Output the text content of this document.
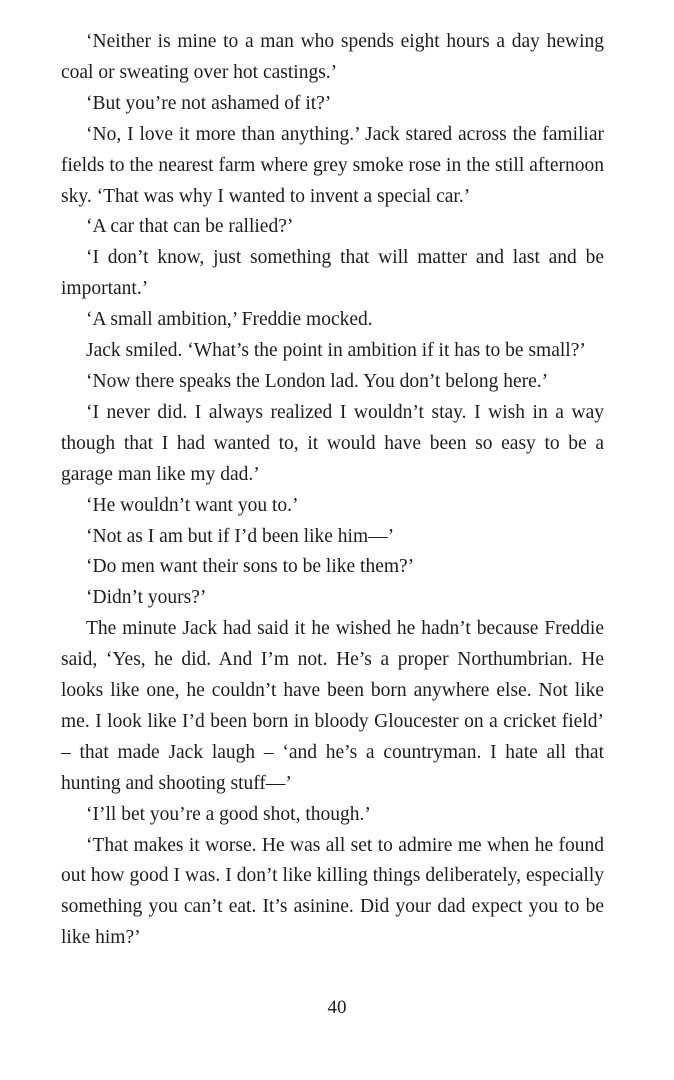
‘Neither is mine to a man who spends eight hours a day hewing coal or sweating over hot castings.’

‘But you’re not ashamed of it?’

‘No, I love it more than anything.’ Jack stared across the familiar fields to the nearest farm where grey smoke rose in the still afternoon sky. ‘That was why I wanted to invent a special car.’

‘A car that can be rallied?’

‘I don’t know, just something that will matter and last and be important.’

‘A small ambition,’ Freddie mocked.

Jack smiled. ‘What’s the point in ambition if it has to be small?’

‘Now there speaks the London lad. You don’t belong here.’

‘I never did. I always realized I wouldn’t stay. I wish in a way though that I had wanted to, it would have been so easy to be a garage man like my dad.’

‘He wouldn’t want you to.’

‘Not as I am but if I’d been like him—’

‘Do men want their sons to be like them?’

‘Didn’t yours?’

The minute Jack had said it he wished he hadn’t because Freddie said, ‘Yes, he did. And I’m not. He’s a proper Northumbrian. He looks like one, he couldn’t have been born anywhere else. Not like me. I look like I’d been born in bloody Gloucester on a cricket field’ – that made Jack laugh – ‘and he’s a countryman. I hate all that hunting and shooting stuff—’

‘I’ll bet you’re a good shot, though.’

‘That makes it worse. He was all set to admire me when he found out how good I was. I don’t like killing things deliberately, especially something you can’t eat. It’s asinine. Did your dad expect you to be like him?’

40
